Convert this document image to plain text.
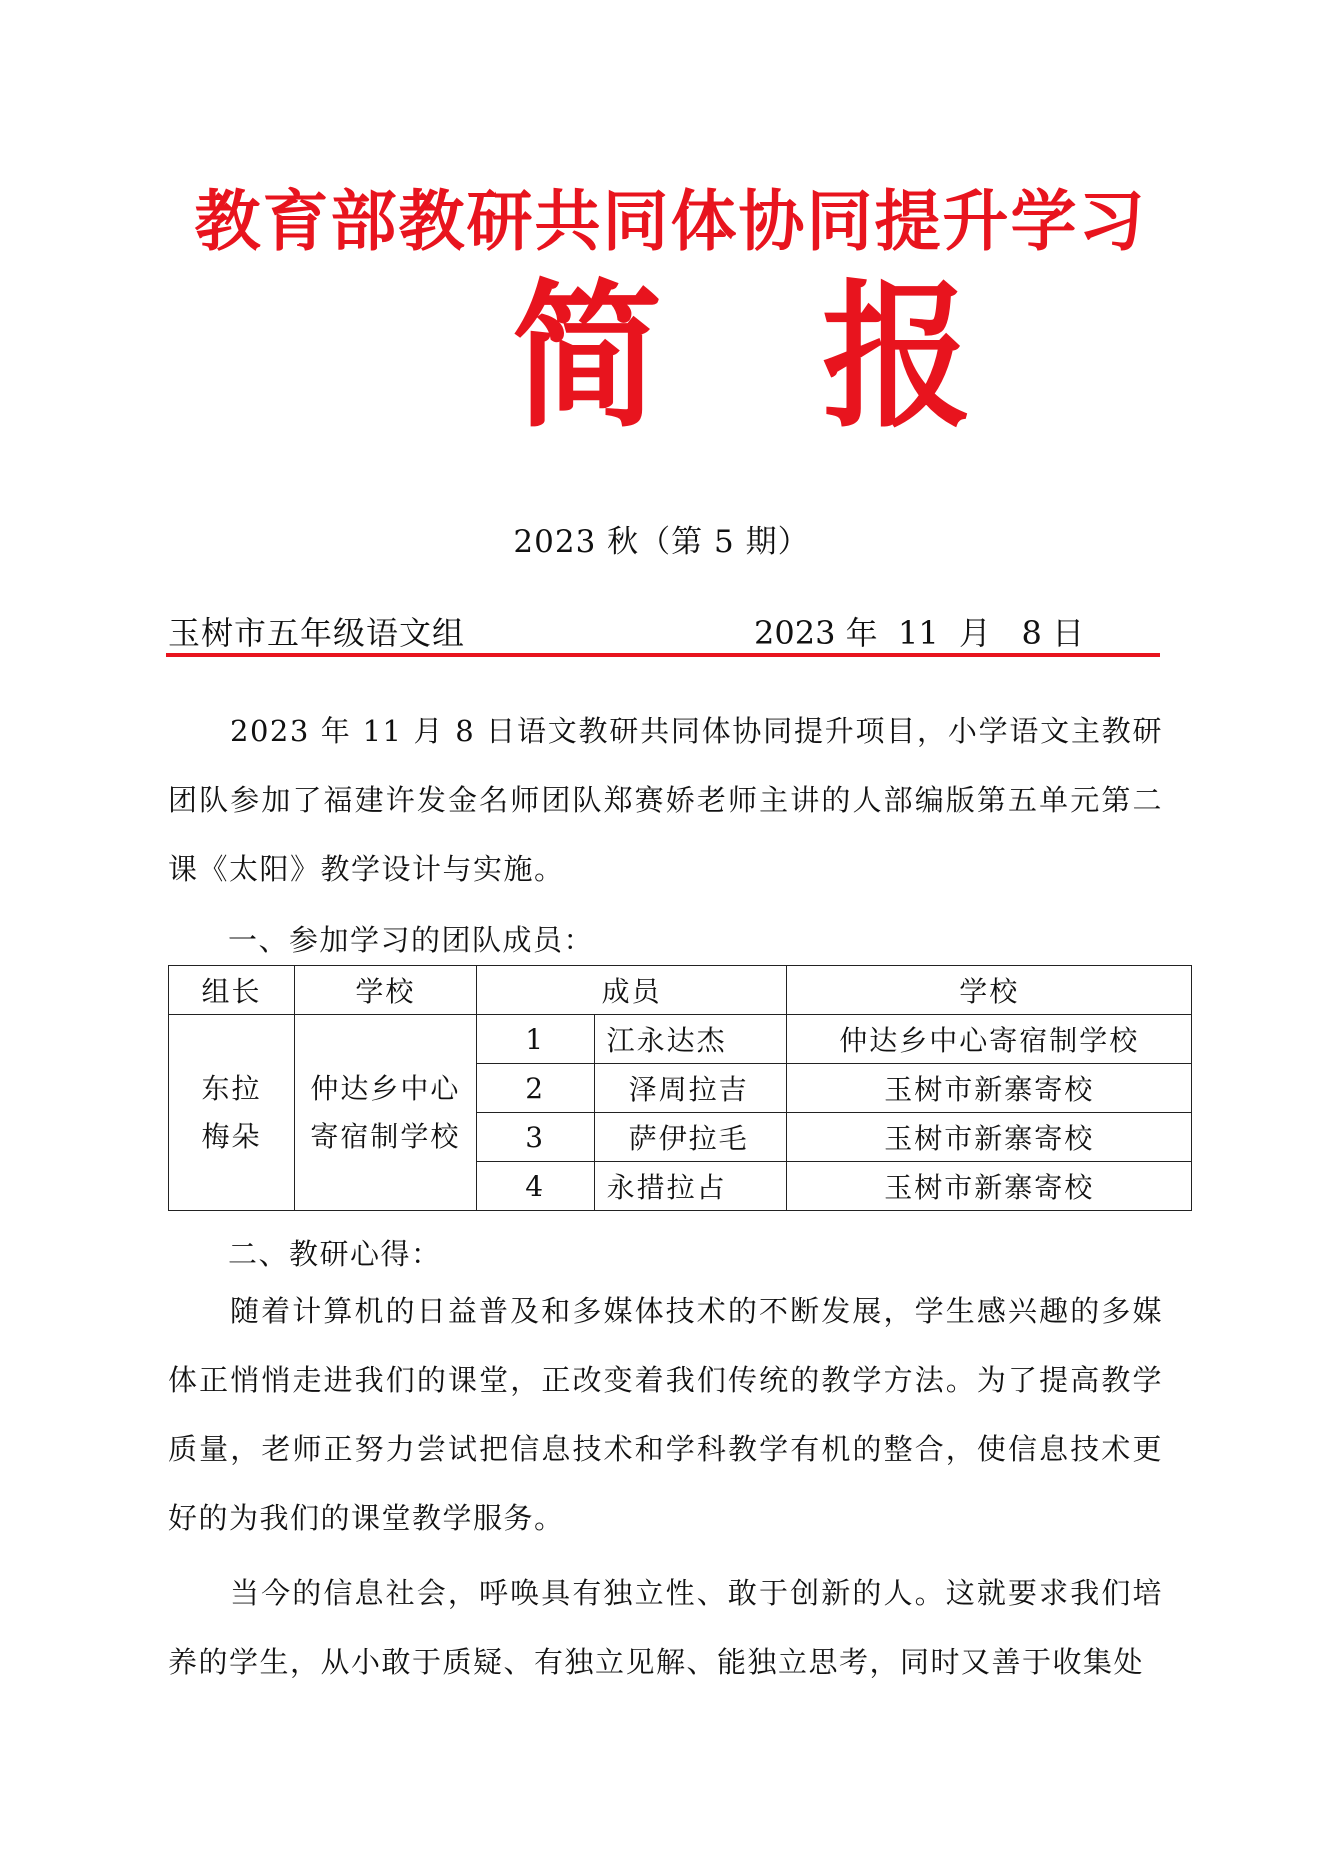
教育部教研共同体协同提升学习
简 报
2023 秋（第 5 期）
玉树市五年级语文组	2023 年  11  月   8 日
2023 年 11 月 8 日语文教研共同体协同提升项目，小学语文主教研团队参加了福建许发金名师团队郑赛娇老师主讲的人部编版第五单元第二课《太阳》教学设计与实施。
一、参加学习的团队成员：
组长	学校	成员		学校
东拉梅朵	仲达乡中心寄宿制学校	1	江永达杰	仲达乡中心寄宿制学校
		2	泽周拉吉	玉树市新寨寄校
		3	萨伊拉毛	玉树市新寨寄校
		4	永措拉占	玉树市新寨寄校
二、教研心得：
随着计算机的日益普及和多媒体技术的不断发展，学生感兴趣的多媒体正悄悄走进我们的课堂，正改变着我们传统的教学方法。为了提高教学质量，老师正努力尝试把信息技术和学科教学有机的整合，使信息技术更好的为我们的课堂教学服务。
当今的信息社会，呼唤具有独立性、敢于创新的人。这就要求我们培养的学生，从小敢于质疑、有独立见解、能独立思考，同时又善于收集处
